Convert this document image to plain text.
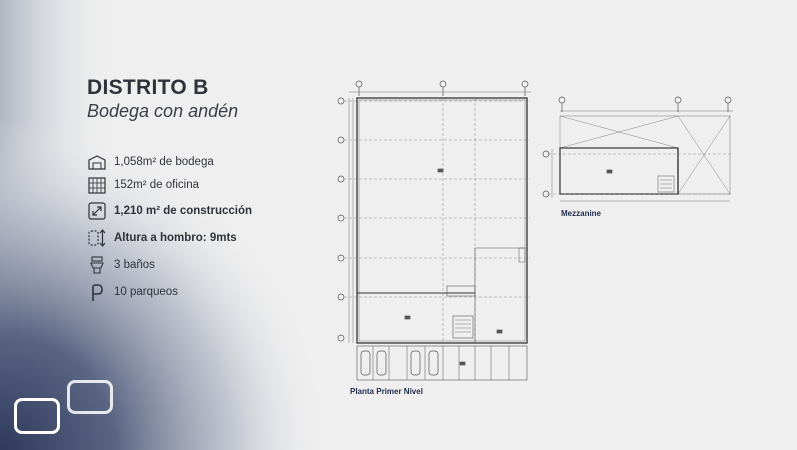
DISTRITO B
Bodega con andén
1,058m² de bodega
152m² de oficina
1,210 m² de construcción
Altura a hombro: 9mts
3 baños
10 parqueos
Planta Primer Nivel
Mezzanine
